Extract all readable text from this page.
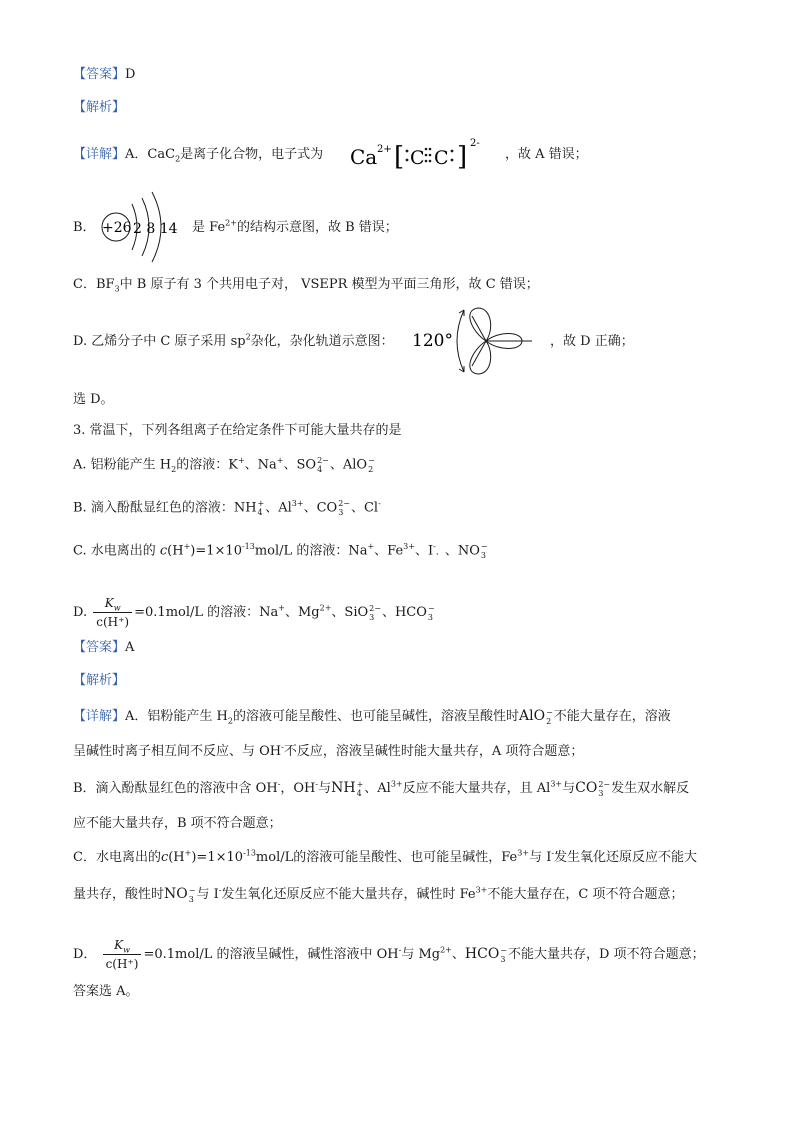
【答案】D
【解析】
【详解】A．CaC$_2$是离子化合物，电子式为 Ca 2+ [ C C ] 2-
，故 A 错误；
B． +26 2 8 14 是 $Fe^{2+}$的结构示意图，故 B 错误；
C．$BF_3$中 B 原子有 3 个共用电子对， VSEPR 模型为平面三角形，故 C 错误；
D. 乙烯分子中 C 原子采用 $sp^2$杂化，杂化轨道示意图： 120°	，故 D 正确；
选 D。
3. 常温下，下列各组离子在给定条件下可能大量共存的是
A. 铝粉能产生 $H_2$的溶液：K+、Na+、SO 2−
4 、AlO −
2
B. 滴入酚酞显红色的溶液：NH +
4 、$Al^{3+}$、CO 2−
3 、Cl-
C. 水电离出的 $c(H^+)=1\times 10^{-13}mol/L$ 的溶液：Na+、$Fe^{3+}$、I-、、NO −
3
D. $\frac{K_w}{c(H^+)} =0.1mol/L$ 的溶液：Na+、$Mg^{2+}$、SiO 2−
3 、HCO −
3
【答案】A
【解析】
【详解】A．铝粉能产生 $H_2$的溶液可能呈酸性、也可能呈碱性，溶液呈酸性时AlO −
2 不能大量存在，溶液
呈碱性时离子相互间不反应、与 OH-不反应，溶液呈碱性时能大量共存，A 项符合题意；
B．滴入酚酞显红色的溶液中含 OH-，OH-与NH +
4 、$Al^{3+}$反应不能大量共存，且 $Al^{3+}$与CO 2−
3 发生双水解反
应不能大量共存，B 项不符合题意；
C．水电离出的$c(H^+)=1\times 10^{-13}mol/L$的溶液可能呈酸性、也可能呈碱性，$Fe^{3+}$与 I-发生氧化还原反应不能大
量共存，酸性时NO −
3 与 I-发生氧化还原反应不能大量共存，碱性时 $Fe^{3+}$不能大量存在，C 项不符合题意；
D． $\frac{K_w}{c(H^+)} =0.1mol/L$ 的溶液呈碱性，碱性溶液中 OH-与 $Mg^{2+}$、HCO −
3 不能大量共存，D 项不符合题意；
答案选 A。
